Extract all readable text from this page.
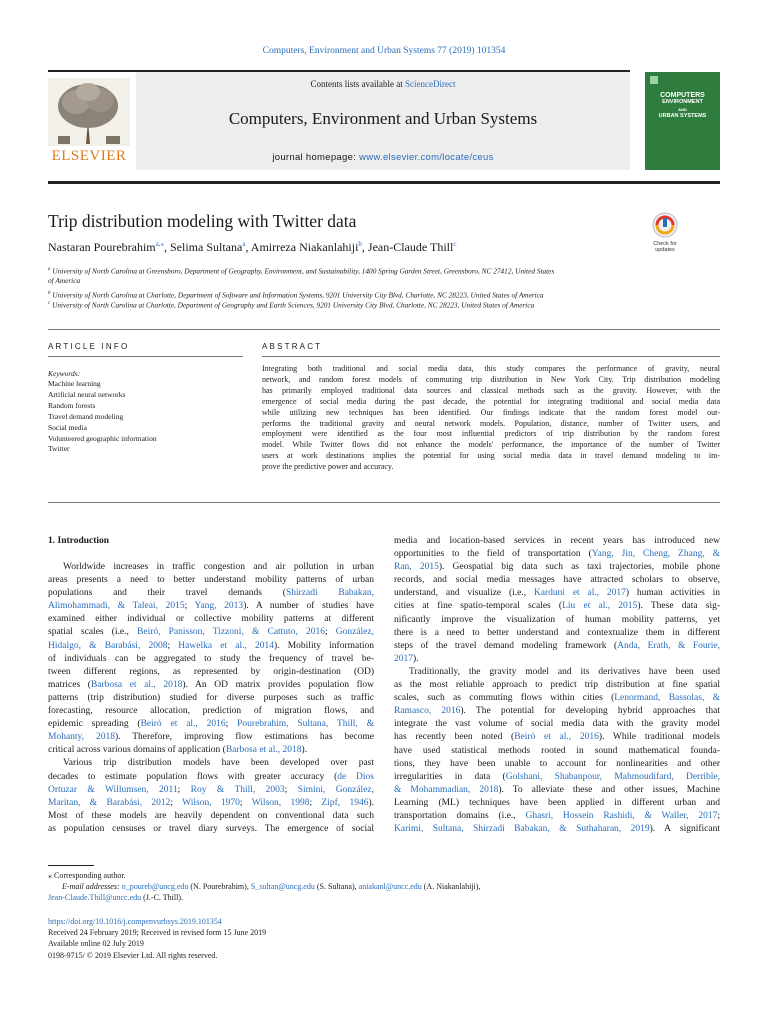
Computers, Environment and Urban Systems 77 (2019) 101354
Contents lists available at ScienceDirect
Computers, Environment and Urban Systems
journal homepage: www.elsevier.com/locate/ceus
ELSEVIER
COMPUTERS
ENVIRONMENT
AND
URBAN SYSTEMS
Trip distribution modeling with Twitter data
Check for
updates
Nastaran Pourebrahim$^{a,⁎}$, Selima Sultana$^a$, Amirreza Niakanlahiji$^b$, Jean-Claude Thill$^c$
$^a$ University of North Carolina at Greensboro, Department of Geography, Environment, and Sustainability, 1400 Spring Garden Street, Greensboro, NC 27412, United States
of America
$^b$ University of North Carolina at Charlotte, Department of Software and Information Systems, 9201 University City Blvd, Charlotte, NC 28223, United States of America
$^c$ University of North Carolina at Charlotte, Department of Geography and Earth Sciences, 9201 University City Blvd, Charlotte, NC 28223, United States of America
ARTICLE INFO	ABSTRACT
Keywords:
Machine learning
Artificial neural networks
Random forests
Travel demand modeling
Social media
Volunteered geographic information
Twitter
Integrating both traditional and social media data, this study compares the performance of gravity, neural
network, and random forest models of commuting trip distribution in New York City. Trip distribution modeling
has primarily employed traditional data sources and classical methods such as the gravity. However, with the
emergence of social media during the past decade, the potential for integrating traditional and social media data
while utilizing new techniques has been identified. Our findings indicate that the random forest model out-
performs the traditional gravity and neural network models. Population, distance, number of Twitter users, and
employment were identified as the four most influential predictors of trip distribution by the random forest
model. While Twitter flows did not enhance the models' performance, the importance of the number of Twitter
users at work destinations implies the potential for using social media data in travel demand modeling to im-
prove the predictive power and accuracy.
1. Introduction
Worldwide increases in traffic congestion and air pollution in urban
areas presents a need to better understand mobility patterns of urban
populations and their travel demands (Shirzadi Babakan,
Alimohammadi, & Taleai, 2015; Yang, 2013). A number of studies have
examined either individual or collective mobility patterns at different
spatial scales (i.e., Beiró, Panisson, Tizzoni, & Cattuto, 2016; González,
Hidalgo, & Barabási, 2008; Hawelka et al., 2014). Mobility information
of individuals can be aggregated to study the frequency of travel be-
tween different regions, as represented by origin-destination (OD)
matrices (Barbosa et al., 2018). An OD matrix provides population flow
patterns (trip distribution) studied for diverse purposes such as traffic
forecasting, resource allocation, prediction of migration flows, and
epidemic spreading (Beiró et al., 2016; Pourebrahim, Sultana, Thill, &
Mohanty, 2018). Therefore, improving flow estimations has become
critical across various domains of application (Barbosa et al., 2018).
Various trip distribution models have been developed over past
decades to estimate population flows with greater accuracy (de Dios
Ortuzar & Willumsen, 2011; Roy & Thill, 2003; Simini, González,
Maritan, & Barabási, 2012; Wilson, 1970; Wilson, 1998; Zipf, 1946).
Most of these models are heavily dependent on conventional data such
as population censuses or travel diary surveys. The emergence of social
media and location-based services in recent years has introduced new
opportunities to the field of transportation (Yang, Jin, Cheng, Zhang, &
Ran, 2015). Geospatial big data such as taxi trajectories, mobile phone
records, and social media messages have attracted scholars to observe,
understand, and visualize (i.e., Karduni et al., 2017) human activities in
cities at fine spatio-temporal scales (Liu et al., 2015). These data sig-
nificantly improve the visualization of human mobility patterns, yet
there is a need to better understand and contextualize them in different
steps of the travel demand modeling framework (Anda, Erath, & Fourie,
2017).
Traditionally, the gravity model and its derivatives have been used
as the most reliable approach to predict trip distribution at fine spatial
scales, such as commuting flows within cities (Lenormand, Bassolas, &
Ramasco, 2016). The potential for developing hybrid approaches that
integrate the vast volume of social media data with the gravity model
has recently been noted (Beiró et al., 2016). While traditional models
have used statistical methods rooted in sound mathematical founda-
tions, they have been unable to account for nonlinearities and other
irregularities in data (Golshani, Shabanpour, Mahmoudifard, Derrible,
& Mohammadian, 2018). To alleviate these and other issues, Machine
Learning (ML) techniques have been applied in different urban and
transportation domains (i.e., Ghasri, Hossein Rashidi, & Waller, 2017;
Karimi, Sultana, Shirzadi Babakan, & Suthaharan, 2019). A significant
⁎ Corresponding author.
E-mail addresses: n_poureb@uncg.edu (N. Pourebrahim), S_sultan@uncg.edu (S. Sultana), aniakanl@uncc.edu (A. Niakanlahiji),
Jean-Claude.Thill@uncc.edu (J.-C. Thill).
https://doi.org/10.1016/j.compenvurbsys.2019.101354
Received 24 February 2019; Received in revised form 15 June 2019
Available online 02 July 2019
0198-9715/ © 2019 Elsevier Ltd. All rights reserved.
